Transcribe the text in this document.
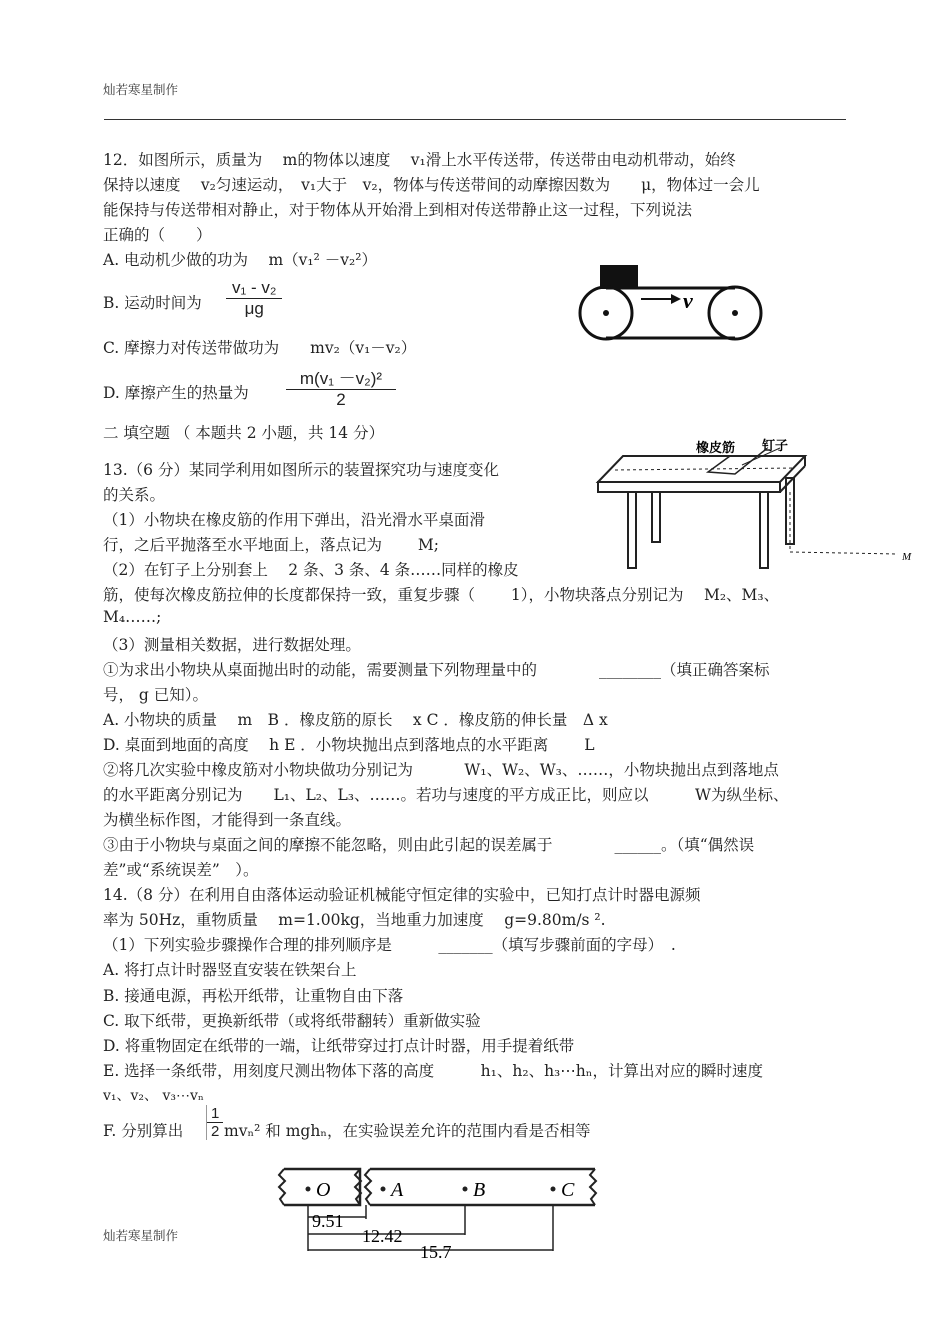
灿若寒星制作
12．如图所示，质量为　 m的物体以速度　 v₁滑上水平传送带，传送带由电动机带动，始终
保持以速度　 v₂匀速运动，　v₁大于　v₂，物体与传送带间的动摩擦因数为　　μ，物体过一会儿
能保持与传送带相对静止，对于物体从开始滑上到相对传送带静止这一过程，下列说法
正确的（　　）
A. 电动机少做的功为　 m（v₁² －v₂²）
B. 运动时间为 $\frac{\text{v₁ - v₂}}{\mu g}$
C. 摩擦力对传送带做功为　　mv₂（v₁－v₂）
D. 摩擦产生的热量为 $\frac{\text{m(v₁ －v₂)²}}{2}$
v
二 填空题 （ 本题共 2 小题，共 14 分）
13.（6 分）某同学利用如图所示的装置探究功与速度变化
的关系。
（1）小物块在橡皮筋的作用下弹出，沿光滑水平桌面滑
行，之后平抛落至水平地面上，落点记为　　 M;
（2）在钉子上分别套上　 2 条、3 条、4 条……同样的橡皮
筋，使每次橡皮筋拉伸的长度都保持一致，重复步骤（　　 1），小物块落点分别记为　 M₂、M₃、
M₄……;
（3）测量相关数据，进行数据处理。
①为求出小物块从桌面抛出时的动能，需要测量下列物理量中的　　　　________（填正确答案标
号， g 已知）。
A. 小物块的质量　 m　B ．橡皮筋的原长　 x C ．橡皮筋的伸长量　Δ x
D. 桌面到地面的高度　 h E ．小物块抛出点到落地点的水平距离　　 L
②将几次实验中橡皮筋对小物块做功分别记为　　　 W₁、W₂、W₃、……，小物块抛出点到落地点
的水平距离分别记为　　L₁、L₂、L₃、……。若功与速度的平方成正比，则应以　　　W为纵坐标、
为横坐标作图，才能得到一条直线。
③由于小物块与桌面之间的摩擦不能忽略，则由此引起的误差属于　　　　______。（填“偶然误
差”或“系统误差”　）。
橡皮筋 钉子
M
14.（8 分）在利用自由落体运动验证机械能守恒定律的实验中，已知打点计时器电源频
率为 50Hz，重物质量　 m=1.00kg，当地重力加速度　 g=9.80m/s ².
（1）下列实验步骤操作合理的排列顺序是　　　_______（填写步骤前面的字母）　.
A. 将打点计时器竖直安装在铁架台上
B. 接通电源，再松开纸带，让重物自由下落
C. 取下纸带，更换新纸带（或将纸带翻转）重新做实验
D. 将重物固定在纸带的一端，让纸带穿过打点计时器，用手提着纸带
E. 选择一条纸带，用刻度尺测出物体下落的高度　　　h₁、h₂、h₃⋯hₙ，计算出对应的瞬时速度
v₁、v₂、 v₃⋯vₙ
F. 分别算出 $\frac{1}{2} mv_n^2$ 和 mghₙ，在实验误差允许的范围内看是否相等
O	A	B	C
9.51
12.42
15.7
灿若寒星制作
